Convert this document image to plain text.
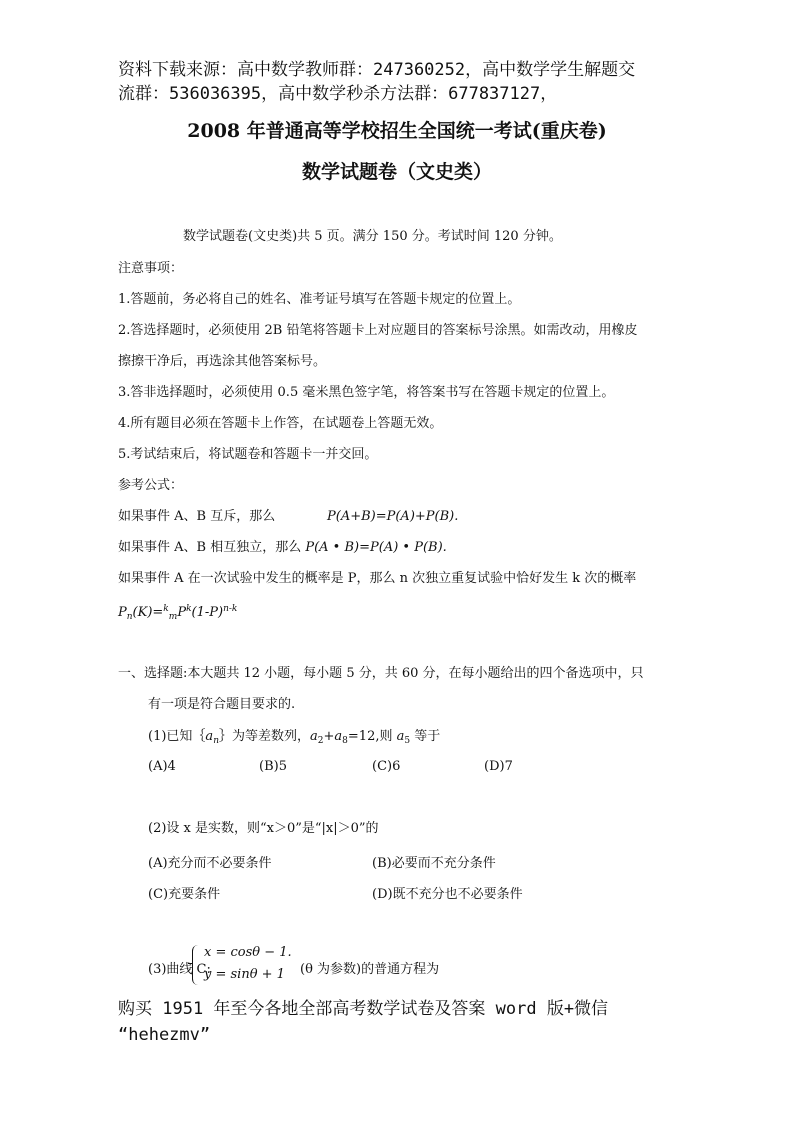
资料下载来源：高中数学教师群：247360252，高中数学学生解题交
流群：536036395，高中数学秒杀方法群：677837127，
2008 年普通高等学校招生全国统一考试(重庆卷)
数学试题卷（文史类）
数学试题卷(文史类)共 5 页。满分 150 分。考试时间 120 分钟。
注意事项：
1.答题前，务必将自己的姓名、准考证号填写在答题卡规定的位置上。
2.答选择题时，必须使用 2B 铅笔将答题卡上对应题目的答案标号涂黑。如需改动，用橡皮
擦擦干净后，再选涂其他答案标号。
3.答非选择题时，必须使用 0.5 毫米黑色签字笔，将答案书写在答题卡规定的位置上。
4.所有题目必须在答题卡上作答，在试题卷上答题无效。
5.考试结束后，将试题卷和答题卡一并交回。
参考公式：
如果事件 A、B 互斥，那么	P(A+B)=P(A)+P(B).
如果事件 A、B 相互独立，那么 P(A • B)=P(A) • P(B).
如果事件 A 在一次试验中发生的概率是 P，那么 n 次独立重复试验中恰好发生 k 次的概率
$P_n(K)=^k_mP^k(1-P)^{n-k}$
一、选择题:本大题共 12 小题，每小题 5 分，共 60 分，在每小题给出的四个备选项中，只
有一项是符合题目要求的.
(1)已知$\{a_n\}$为等差数列，$a_2+a_8=12$,则 $a_5$ 等于
(A)4	(B)5	(C)6	(D)7
(2)设 x 是实数，则“x＞0”是“|x|＞0”的
(A)充分而不必要条件	(B)必要而不充分条件
(C)充要条件	(D)既不充分也不必要条件
(3)曲线 C:
x = cosθ − 1.
y = sinθ + 1 (θ 为参数)的普通方程为
购买 1951 年至今各地全部高考数学试卷及答案 word 版+微信
“hehezmv”
